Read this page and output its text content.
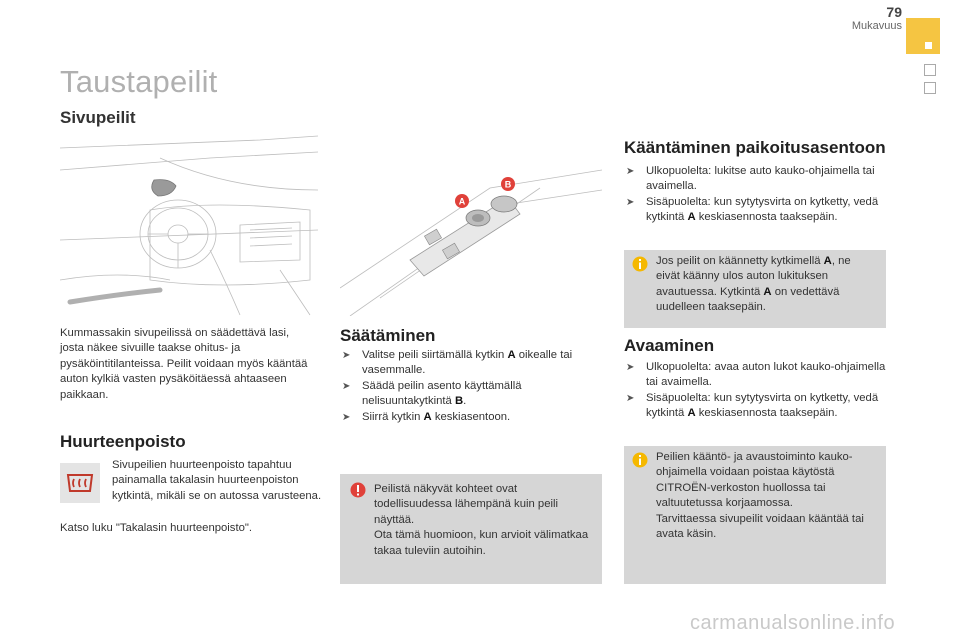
79
Mukavuus
Taustapeilit
Sivupeilit
A
B
Kummassakin sivupeilissä on säädettävä lasi, josta näkee sivuille taakse ohitus- ja pysäköintitilanteissa. Peilit voidaan myös kääntää auton kylkiä vasten pysäköitäessä ahtaaseen paikkaan.
Huurteenpoisto
Sivupeilien huurteenpoisto tapahtuu painamalla takalasin huurteenpoiston kytkintä, mikäli se on autossa varusteena.
Katso luku "Takalasin huurteenpoisto".
Säätäminen
➤ Valitse peili siirtämällä kytkin A oikealle tai vasemmalle.
➤ Säädä peilin asento käyttämällä nelisuuntakytkintä B.
➤ Siirrä kytkin A keskiasentoon.
Peilistä näkyvät kohteet ovat todellisuudessa lähempänä kuin peili näyttää.
Ota tämä huomioon, kun arvioit välimatkaa takaa tuleviin autoihin.
Kääntäminen paikoitusasentoon
➤ Ulkopuolelta: lukitse auto kauko-ohjaimella tai avaimella.
➤ Sisäpuolelta: kun sytytysvirta on kytketty, vedä kytkintä A keskiasennosta taaksepäin.
Jos peilit on käännetty kytkimellä A, ne eivät käänny ulos auton lukituksen avautuessa. Kytkintä A on vedettävä uudelleen taaksepäin.
Avaaminen
➤ Ulkopuolelta: avaa auton lukot kauko-ohjaimella tai avaimella.
➤ Sisäpuolelta: kun sytytysvirta on kytketty, vedä kytkintä A keskiasennosta taaksepäin.
Peilien kääntö- ja avaustoiminto kauko-ohjaimella voidaan poistaa käytöstä CITROËN-verkoston huollossa tai valtuutetussa korjaamossa.
Tarvittaessa sivupeilit voidaan kääntää tai avata käsin.
carmanualsonline.info
